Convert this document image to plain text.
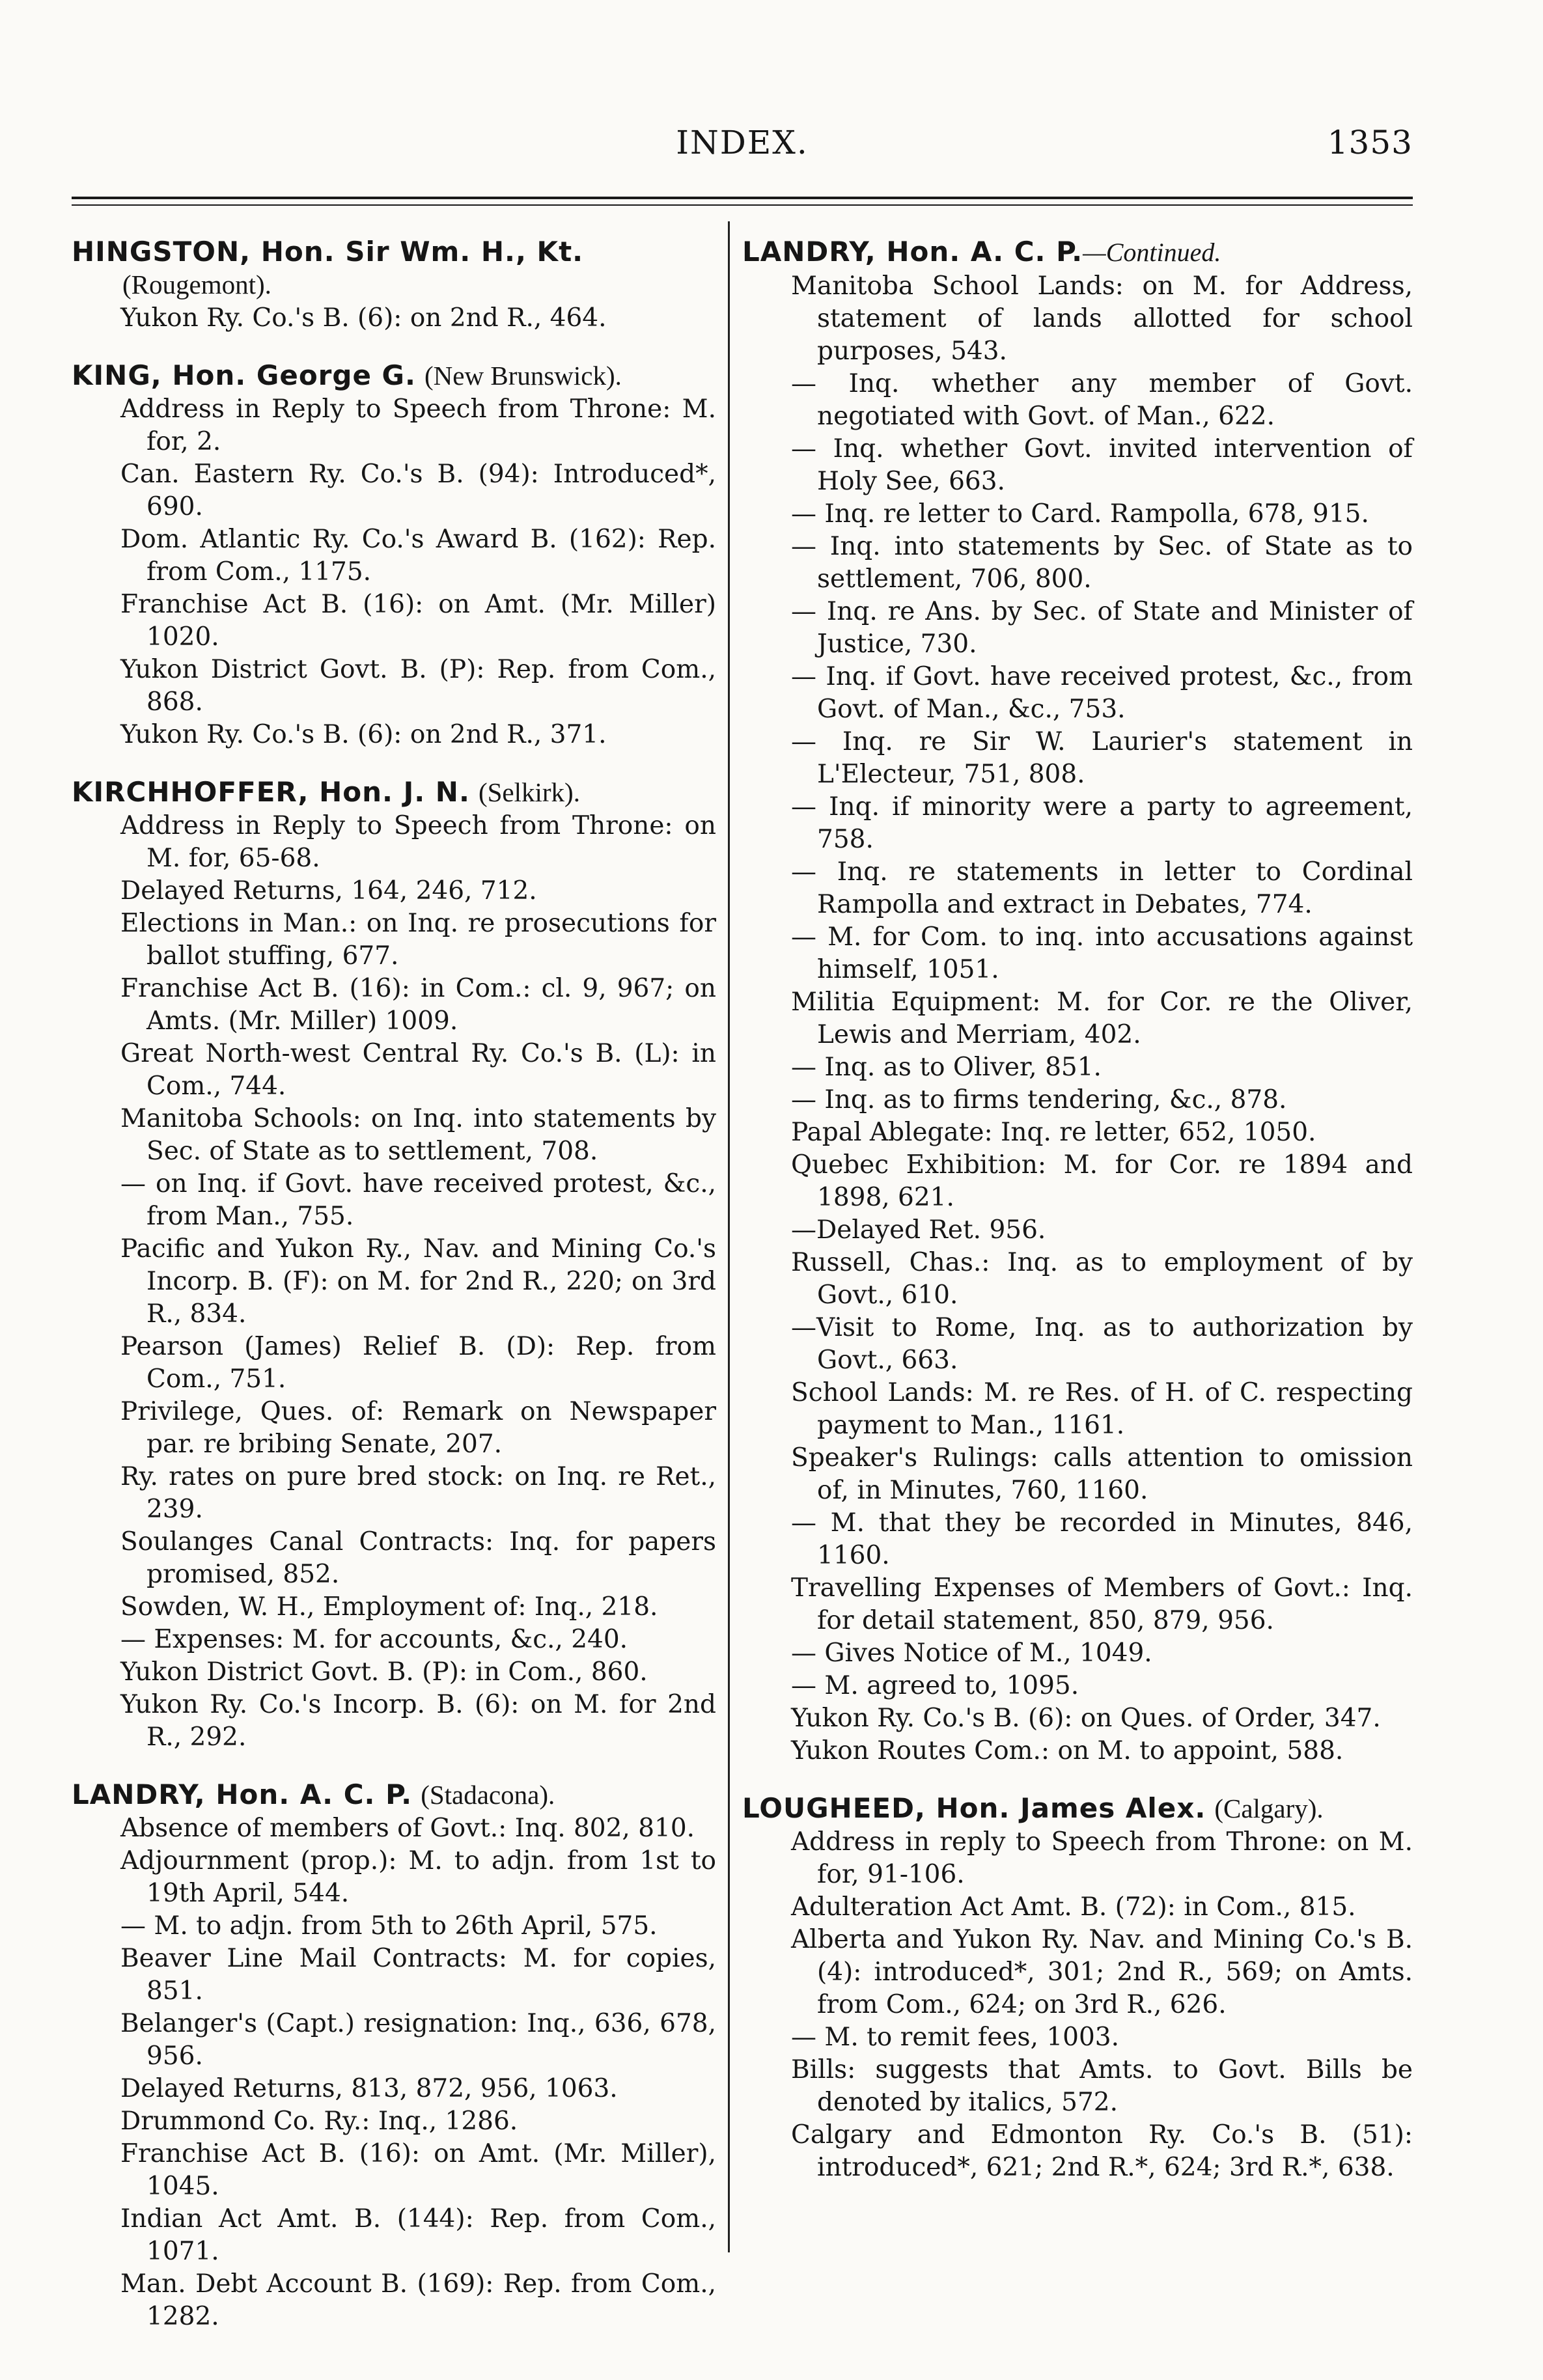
INDEX.	1353
HINGSTON, Hon. Sir Wm. H., Kt. (Rougemont).

Yukon Ry. Co.'s B. (6): on 2nd R., 464.

KING, Hon. George G. (New Brunswick).

Address in Reply to Speech from Throne: M. for, 2.

Can. Eastern Ry. Co.'s B. (94): Introduced*, 690.

Dom. Atlantic Ry. Co.'s Award B. (162): Rep. from Com., 1175.

Franchise Act B. (16): on Amt. (Mr. Miller) 1020.

Yukon District Govt. B. (P): Rep. from Com., 868.

Yukon Ry. Co.'s B. (6): on 2nd R., 371.

KIRCHHOFFER, Hon. J. N. (Selkirk).

Address in Reply to Speech from Throne: on M. for, 65-68.

Delayed Returns, 164, 246, 712.

Elections in Man.: on Inq. re prosecutions for ballot stuffing, 677.

Franchise Act B. (16): in Com.: cl. 9, 967; on Amts. (Mr. Miller) 1009.

Great North-west Central Ry. Co.'s B. (L): in Com., 744.

Manitoba Schools: on Inq. into statements by Sec. of State as to settlement, 708.

— on Inq. if Govt. have received protest, &c., from Man., 755.

Pacific and Yukon Ry., Nav. and Mining Co.'s Incorp. B. (F): on M. for 2nd R., 220; on 3rd R., 834.

Pearson (James) Relief B. (D): Rep. from Com., 751.

Privilege, Ques. of: Remark on Newspaper par. re bribing Senate, 207.

Ry. rates on pure bred stock: on Inq. re Ret., 239.

Soulanges Canal Contracts: Inq. for papers promised, 852.

Sowden, W. H., Employment of: Inq., 218.

— Expenses: M. for accounts, &c., 240.

Yukon District Govt. B. (P): in Com., 860.

Yukon Ry. Co.'s Incorp. B. (6): on M. for 2nd R., 292.

LANDRY, Hon. A. C. P. (Stadacona).

Absence of members of Govt.: Inq. 802, 810.

Adjournment (prop.): M. to adjn. from 1st to 19th April, 544.

— M. to adjn. from 5th to 26th April, 575.

Beaver Line Mail Contracts: M. for copies, 851.

Belanger's (Capt.) resignation: Inq., 636, 678, 956.

Delayed Returns, 813, 872, 956, 1063.

Drummond Co. Ry.: Inq., 1286.

Franchise Act B. (16): on Amt. (Mr. Miller), 1045.

Indian Act Amt. B. (144): Rep. from Com., 1071.

Man. Debt Account B. (169): Rep. from Com., 1282.

LANDRY, Hon. A. C. P.—Continued.

Manitoba School Lands: on M. for Address, statement of lands allotted for school purposes, 543.

— Inq. whether any member of Govt. negotiated with Govt. of Man., 622.

— Inq. whether Govt. invited intervention of Holy See, 663.

— Inq. re letter to Card. Rampolla, 678, 915.

— Inq. into statements by Sec. of State as to settlement, 706, 800.

— Inq. re Ans. by Sec. of State and Minister of Justice, 730.

— Inq. if Govt. have received protest, &c., from Govt. of Man., &c., 753.

— Inq. re Sir W. Laurier's statement in L'Electeur, 751, 808.

— Inq. if minority were a party to agreement, 758.

— Inq. re statements in letter to Cordinal Rampolla and extract in Debates, 774.

— M. for Com. to inq. into accusations against himself, 1051.

Militia Equipment: M. for Cor. re the Oliver, Lewis and Merriam, 402.

— Inq. as to Oliver, 851.

— Inq. as to firms tendering, &c., 878.

Papal Ablegate: Inq. re letter, 652, 1050.

Quebec Exhibition: M. for Cor. re 1894 and 1898, 621.

—Delayed Ret. 956.

Russell, Chas.: Inq. as to employment of by Govt., 610.

—Visit to Rome, Inq. as to authorization by Govt., 663.

School Lands: M. re Res. of H. of C. respecting payment to Man., 1161.

Speaker's Rulings: calls attention to omission of, in Minutes, 760, 1160.

— M. that they be recorded in Minutes, 846, 1160.

Travelling Expenses of Members of Govt.: Inq. for detail statement, 850, 879, 956.

— Gives Notice of M., 1049.

— M. agreed to, 1095.

Yukon Ry. Co.'s B. (6): on Ques. of Order, 347.

Yukon Routes Com.: on M. to appoint, 588.

LOUGHEED, Hon. James Alex. (Calgary).

Address in reply to Speech from Throne: on M. for, 91-106.

Adulteration Act Amt. B. (72): in Com., 815.

Alberta and Yukon Ry. Nav. and Mining Co.'s B. (4): introduced*, 301; 2nd R., 569; on Amts. from Com., 624; on 3rd R., 626.

— M. to remit fees, 1003.

Bills: suggests that Amts. to Govt. Bills be denoted by italics, 572.

Calgary and Edmonton Ry. Co.'s B. (51): introduced*, 621; 2nd R.*, 624; 3rd R.*, 638.
